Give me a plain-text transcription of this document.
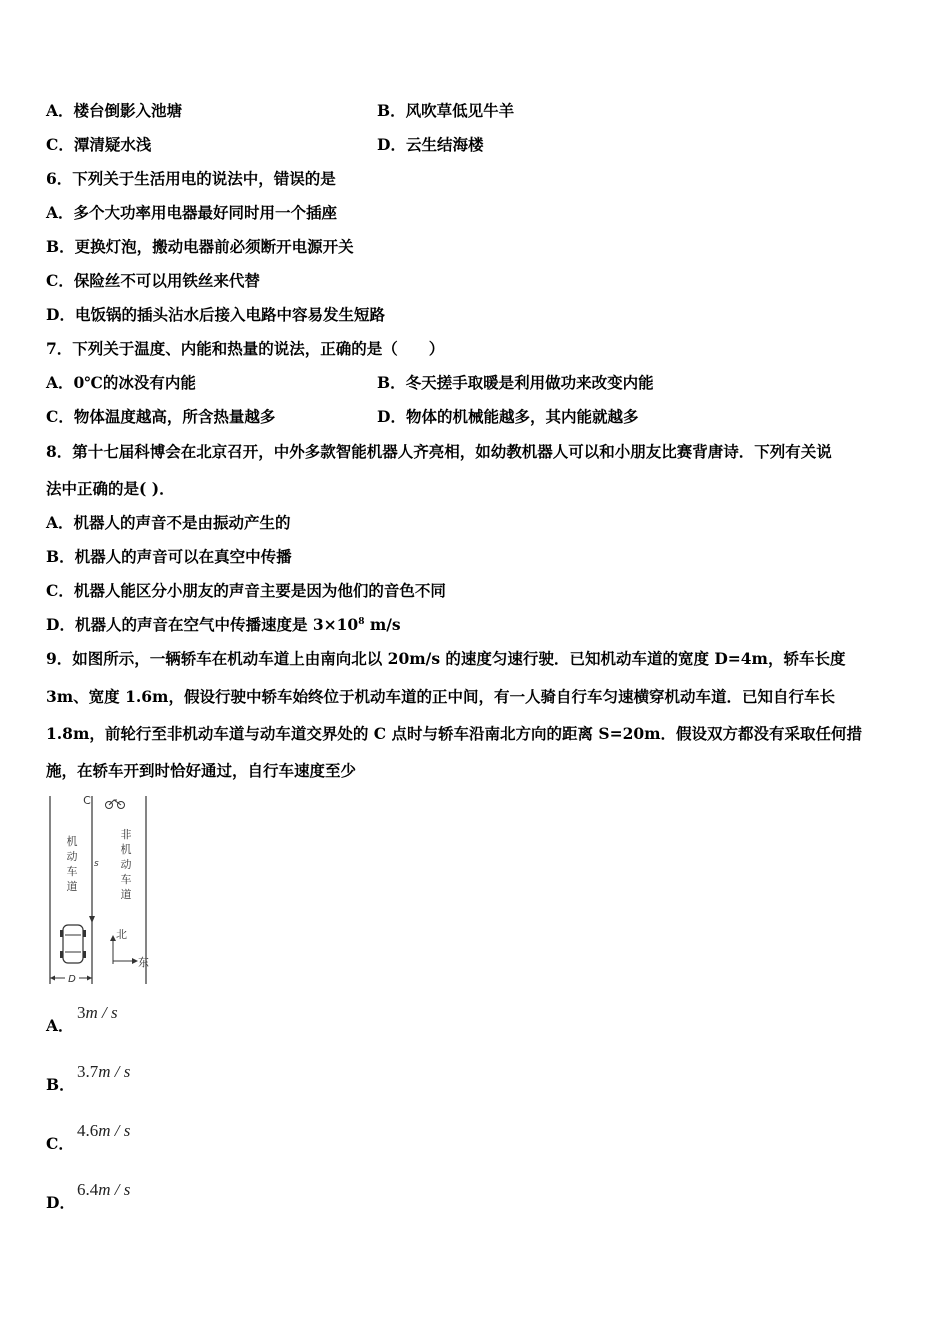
A．楼台倒影入池塘	B．风吹草低见牛羊
C．潭清疑水浅	D．云生结海楼
6．下列关于生活用电的说法中，错误的是
A．多个大功率用电器最好同时用一个插座
B．更换灯泡，搬动电器前必须断开电源开关
C．保险丝不可以用铁丝来代替
D．电饭锅的插头沾水后接入电路中容易发生短路
7．下列关于温度、内能和热量的说法，正确的是（　　）
A．0℃的冰没有内能	B．冬天搓手取暖是利用做功来改变内能
C．物体温度越高，所含热量越多	D．物体的机械能越多，其内能就越多
8．第十七届科博会在北京召开，中外多款智能机器人齐亮相，如幼教机器人可以和小朋友比赛背唐诗．下列有关说
法中正确的是( )．
A．机器人的声音不是由振动产生的
B．机器人的声音可以在真空中传播
C．机器人能区分小朋友的声音主要是因为他们的音色不同
D．机器人的声音在空气中传播速度是 $3\times 10^8$ m/s
9．如图所示，一辆轿车在机动车道上由南向北以 20m/s 的速度匀速行驶．已知机动车道的宽度 D=4m，轿车长度
3m、宽度 1.6m，假设行驶中轿车始终位于机动车道的正中间，有一人骑自行车匀速横穿机动车道．已知自行车长
1.8m，前轮行至非机动车道与动车道交界处的 C 点时与轿车沿南北方向的距离 S=20m．假设双方都没有采取任何措
施，在轿车开到时恰好通过，自行车速度至少
C
s
机
动
车
道
非
机
动
车
道
北
东
D
A．
3m / s
B．
3.7m / s
C．
4.6m / s
D．
6.4m / s
